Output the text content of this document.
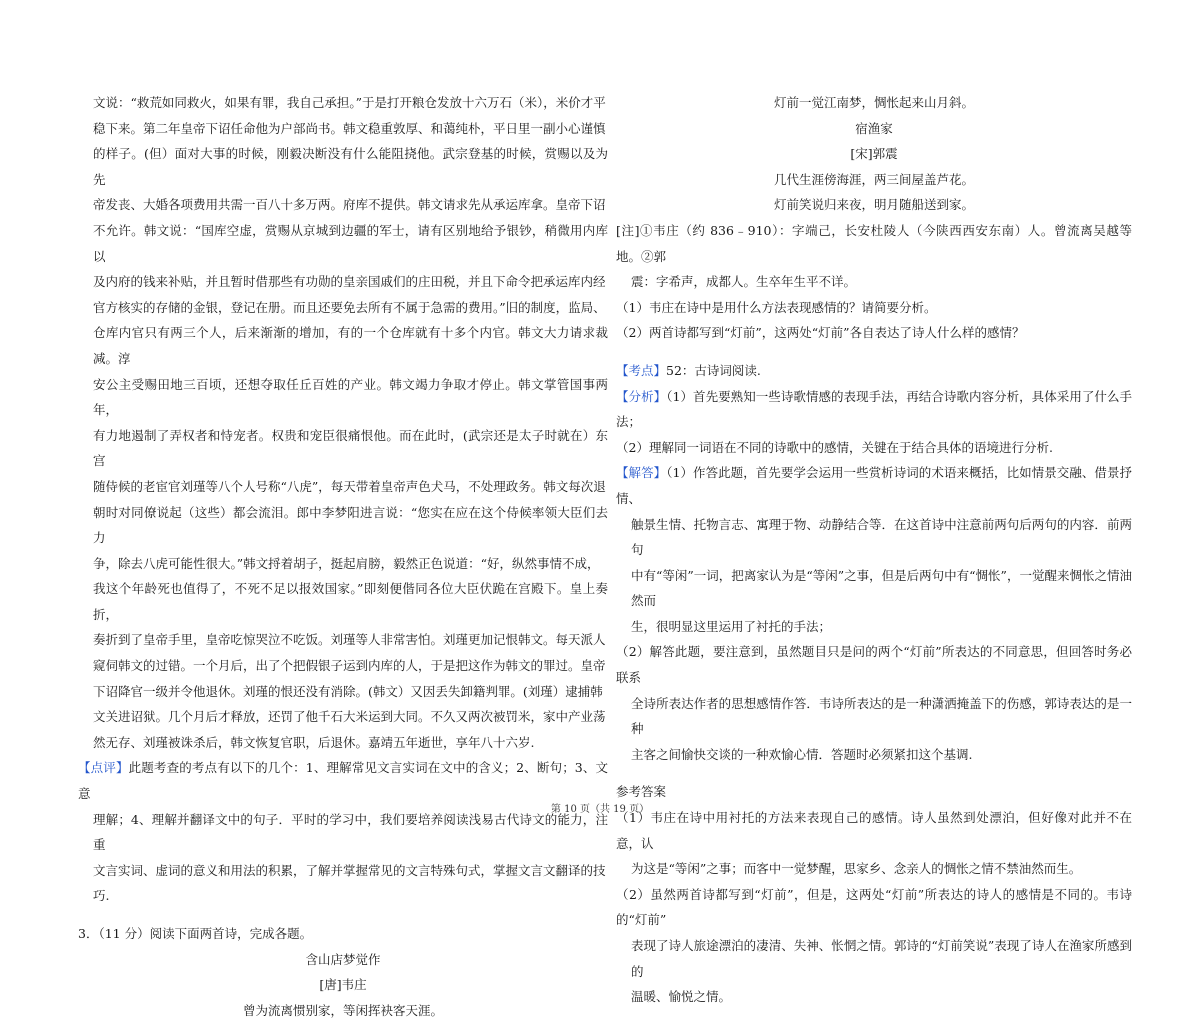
文说：“救荒如同救火，如果有罪，我自己承担。”于是打开粮仓发放十六万石（米），米价才平

稳下来。第二年皇帝下诏任命他为户部尚书。韩文稳重敦厚、和蔼纯朴，平日里一副小心谨慎

的样子。(但）面对大事的时候，刚毅决断没有什么能阻挠他。武宗登基的时候，赏赐以及为先

帝发丧、大婚各项费用共需一百八十多万两。府库不提供。韩文请求先从承运库拿。皇帝下诏

不允许。韩文说：“国库空虚，赏赐从京城到边疆的军士，请有区别地给予银钞，稍微用内库以

及内府的钱来补贴，并且暂时借那些有功勋的皇亲国戚们的庄田税，并且下命令把承运库内经

官方核实的存储的金银，登记在册。而且还要免去所有不属于急需的费用。”旧的制度，监局、

仓库内官只有两三个人，后来渐渐的增加，有的一个仓库就有十多个内官。韩文大力请求裁减。淳

安公主受赐田地三百顷，还想夺取任丘百姓的产业。韩文竭力争取才停止。韩文掌管国事两年，

有力地遏制了弄权者和恃宠者。权贵和宠臣很痛恨他。而在此时，(武宗还是太子时就在）东宫

随侍候的老宦官刘瑾等八个人号称“八虎”，每天带着皇帝声色犬马，不处理政务。韩文每次退

朝时对同僚说起（这些）都会流泪。郎中李梦阳进言说：“您实在应在这个侍候率领大臣们去力

争，除去八虎可能性很大。”韩文捋着胡子，挺起肩膀，毅然正色说道：“好，纵然事情不成，

我这个年龄死也值得了，不死不足以报效国家。”即刻便偕同各位大臣伏跪在宫殿下。皇上奏折，

奏折到了皇帝手里，皇帝吃惊哭泣不吃饭。刘瑾等人非常害怕。刘瑾更加记恨韩文。每天派人

窥伺韩文的过错。一个月后，出了个把假银子运到内库的人，于是把这作为韩文的罪过。皇帝

下诏降官一级并令他退休。刘瑾的恨还没有消除。(韩文）又因丢失卸籍判罪。(刘瑾）逮捕韩

文关进诏狱。几个月后才释放，还罚了他千石大米运到大同。不久又两次被罚米，家中产业荡

然无存、刘瑾被诛杀后，韩文恢复官职，后退休。嘉靖五年逝世，享年八十六岁.

【点评】此题考查的考点有以下的几个：1、理解常见文言实词在文中的含义；2、断句；3、文意

理解；4、理解并翻译文中的句子．平时的学习中，我们要培养阅读浅易古代诗文的能力，注重

文言实词、虚词的意义和用法的积累，了解并掌握常见的文言特殊句式，掌握文言文翻译的技

巧.

3．（11 分）阅读下面两首诗，完成各题。

含山店梦觉作

[唐]韦庄

曾为流离惯别家，等闲挥袂客天涯。

灯前一觉江南梦，惆怅起来山月斜。

宿渔家

[宋]郭震

几代生涯傍海涯，两三间屋盖芦花。

灯前笑说归来夜，明月随船送到家。

[注]①韦庄（约 836﹣910）：字端己，长安杜陵人（今陕西西安东南）人。曾流离吴越等地。②郭

震：字希声，成都人。生卒年生平不详。

（1）韦庄在诗中是用什么方法表现感情的？请简要分析。

（2）两首诗都写到“灯前”，这两处“灯前”各自表达了诗人什么样的感情？

【考点】52：古诗词阅读.

【分析】（1）首先要熟知一些诗歌情感的表现手法，再结合诗歌内容分析，具体采用了什么手法；

（2）理解同一词语在不同的诗歌中的感情，关键在于结合具体的语境进行分析.

【解答】（1）作答此题，首先要学会运用一些赏析诗词的术语来概括，比如情景交融、借景抒情、

触景生情、托物言志、寓理于物、动静结合等．在这首诗中注意前两句后两句的内容．前两句

中有“等闲”一词，把离家认为是“等闲”之事，但是后两句中有“惆怅”，一觉醒来惆怅之情油然而

生，很明显这里运用了衬托的手法；

（2）解答此题，要注意到，虽然题目只是问的两个“灯前”所表达的不同意思，但回答时务必联系

全诗所表达作者的思想感情作答．韦诗所表达的是一种潇洒掩盖下的伤感，郭诗表达的是一种

主客之间愉快交谈的一种欢愉心情．答题时必须紧扣这个基调.

参考答案

（1）韦庄在诗中用衬托的方法来表现自己的感情。诗人虽然到处漂泊，但好像对此并不在意，认

为这是“等闲”之事；而客中一觉梦醒，思家乡、念亲人的惆怅之情不禁油然而生。

（2）虽然两首诗都写到“灯前”，但是，这两处“灯前”所表达的诗人的感情是不同的。韦诗的“灯前”

表现了诗人旅途漂泊的凄清、失神、怅惘之情。郭诗的“灯前笑说”表现了诗人在渔家所感到的

温暖、愉悦之情。

第 10 页（共 19 页）
